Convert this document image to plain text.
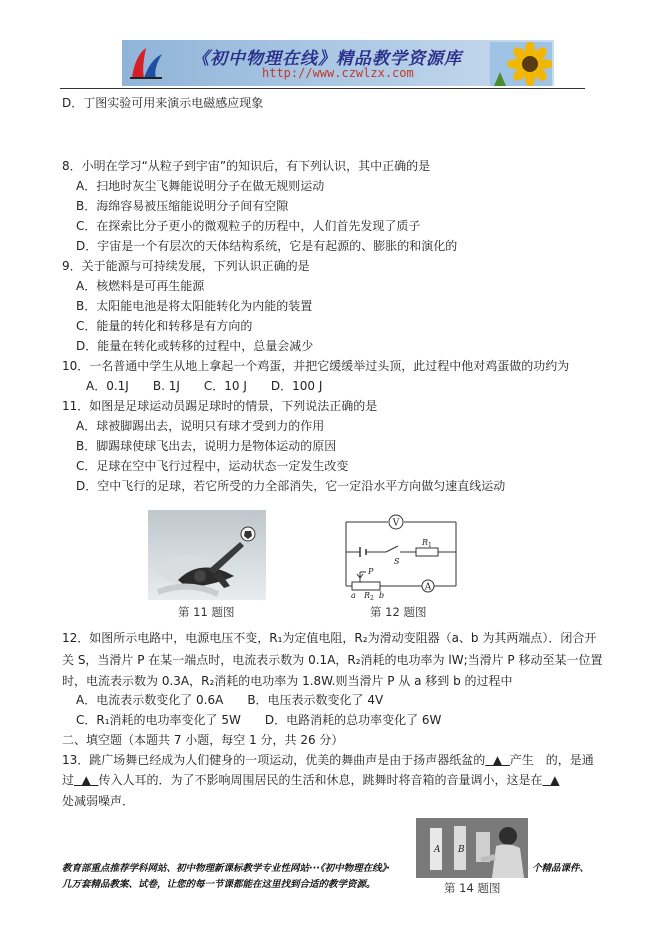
《初中物理在线》精品教学资源库
http://www.czwlzx.com
D．丁图实验可用来演示电磁感应现象
8．小明在学习“从粒子到宇宙”的知识后，有下列认识，其中正确的是
A．扫地时灰尘飞舞能说明分子在做无规则运动
B．海绵容易被压缩能说明分子间有空隙
C．在探索比分子更小的微观粒子的历程中，人们首先发现了质子
D．宇宙是一个有层次的天体结构系统，它是有起源的、膨胀的和演化的
9．关于能源与可持续发展，下列认识正确的是
A．核燃料是可再生能源
B．太阳能电池是将太阳能转化为内能的装置
C．能量的转化和转移是有方向的
D．能量在转化或转移的过程中，总量会减少
10．一名普通中学生从地上拿起一个鸡蛋，并把它缓缓举过头顶，此过程中他对鸡蛋做的功约为
A．0.1J　　B. 1J　　C．10 J　　D．100 J
11．如图是足球运动员踢足球时的情景，下列说法正确的是
A．球被脚踢出去，说明只有球才受到力的作用
B．脚踢球使球飞出去，说明力是物体运动的原因
C．足球在空中飞行过程中，运动状态一定发生改变
D．空中飞行的足球，若它所受的力全部消失，它一定沿水平方向做匀速直线运动
第 11 题图
V
A
S
R 1
R 2
P
a	b
第 12 题图
12．如图所示电路中，电源电压不变，R₁为定值电阻，R₂为滑动变阻器（a、b 为其两端点）．闭合开
关 S，当滑片 P 在某一端点时，电流表示数为 0.1A，R₂消耗的电功率为 lW;当滑片 P 移动至某一位置
时，电流表示数为 0.3A，R₂消耗的电功率为 1.8W.则当滑片 P 从 a 移到 b 的过程中
A．电流表示数变化了 0.6A　　B．电压表示数变化了 4V
C．R₁消耗的电功率变化了 5W　　D．电路消耗的总功率变化了 6W
二、填空题（本题共 7 小题，每空 1 分，共 26 分）
13．跳广场舞已经成为人们健身的一项运动，优美的舞曲声是由于扬声器纸盆的 ▲ 产生　的，是通
过 ▲ 传入人耳的．为了不影响周围居民的生活和休息，跳舞时将音箱的音量调小，这是在 ▲
处减弱噪声．
A B
第 14 题图
教育部重点推荐学科网站、初中物理新课标教学专业性网站···《初中物理在线》·	个精品课件、
几万套精品教案、试卷，让您的每一节课都能在这里找到合适的教学资源。
